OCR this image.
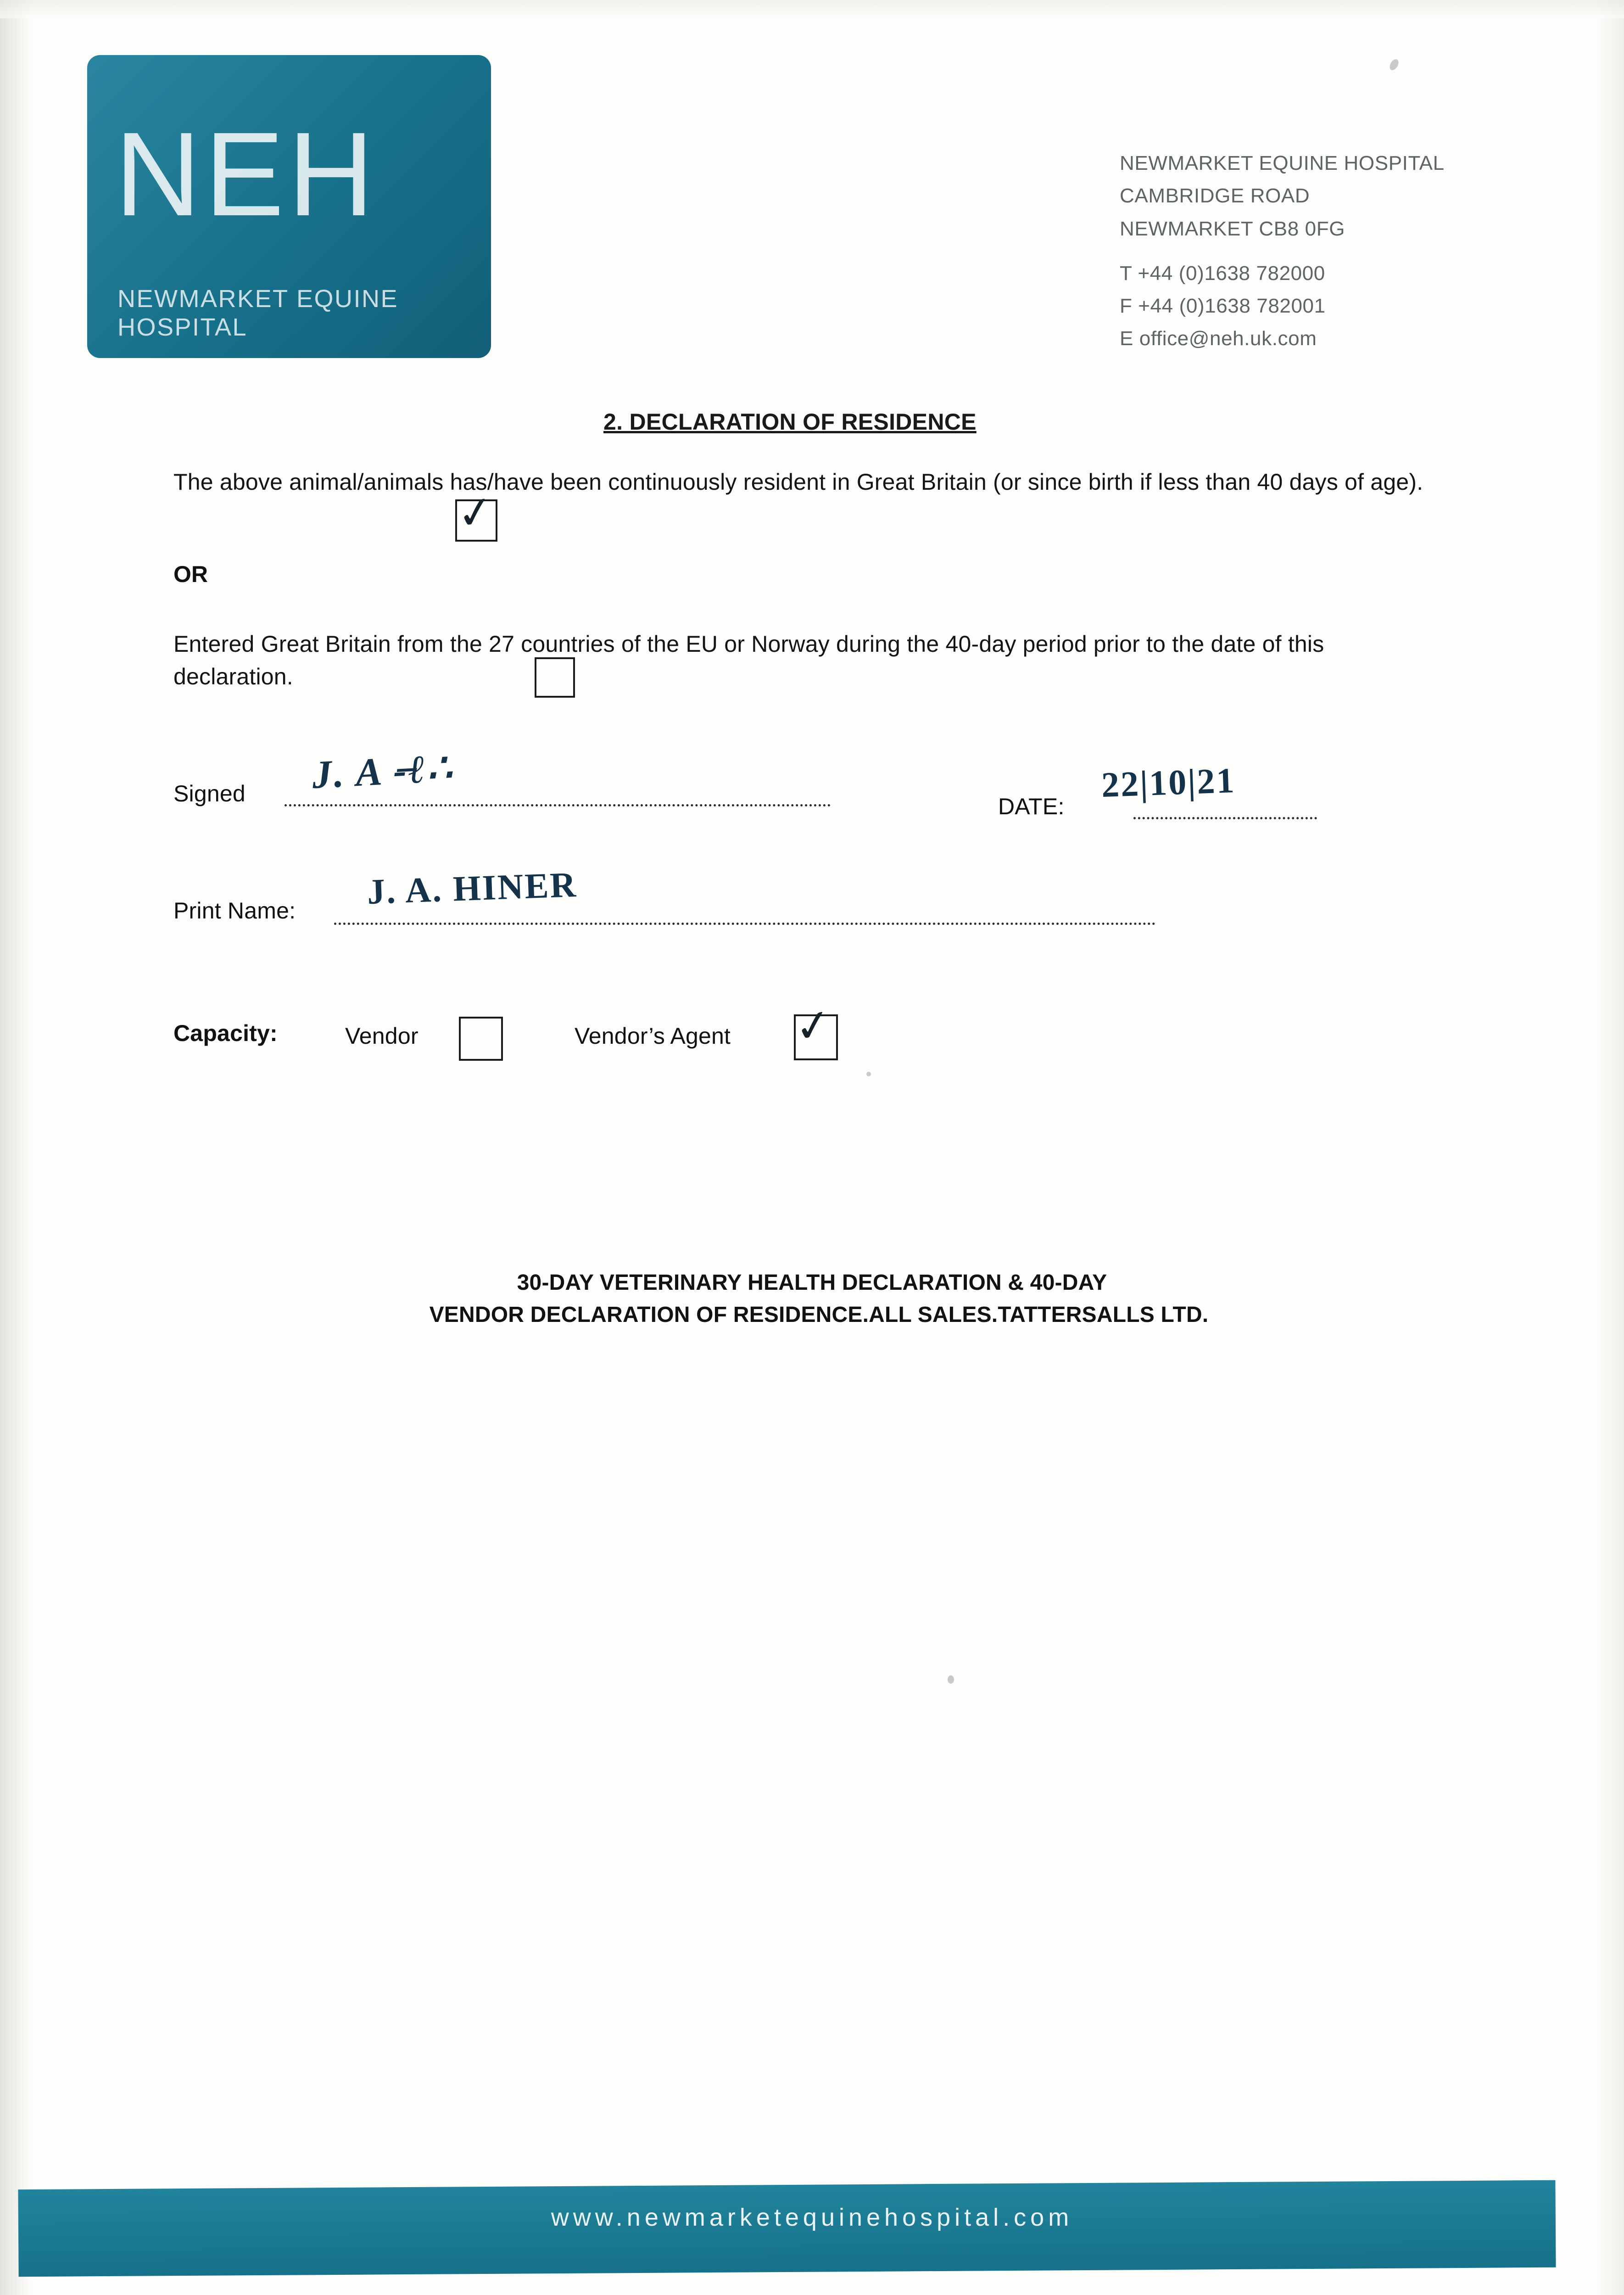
NEH
NEWMARKET EQUINE HOSPITAL
NEWMARKET EQUINE HOSPITAL
CAMBRIDGE ROAD
NEWMARKET CB8 0FG
T +44 (0)1638 782000
F +44 (0)1638 782001
E office@neh.uk.com
2. DECLARATION OF RESIDENCE
The above animal/animals has/have been continuously resident in Great Britain (or since birth if less than 40 days of age).
✓
OR
Entered Great Britain from the 27 countries of the EU or Norway during the 40-day period prior to the date of this declaration.
Signed J. A -̶ℓ∴
DATE:
22|10|21
Print Name: J. A. HINER
Capacity:	Vendor	Vendor’s Agent ✓
30-DAY VETERINARY HEALTH DECLARATION & 40-DAY
VENDOR DECLARATION OF RESIDENCE.ALL SALES.TATTERSALLS LTD.
www.newmarketequinehospital.com
